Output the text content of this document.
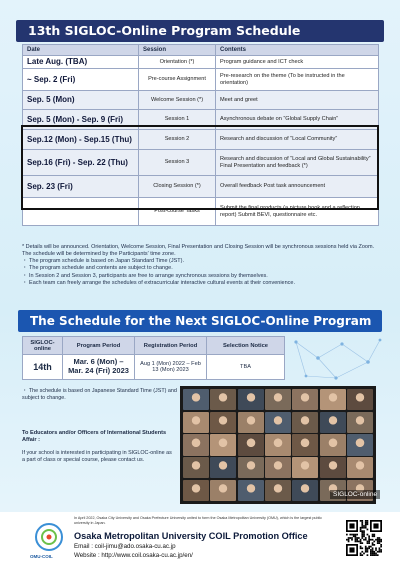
13th SIGLOC-Online Program Schedule
Date	Session	Contents
Late Aug. (TBA)	Orientation (*)	Program guidance and ICT check
~ Sep. 2 (Fri)	Pre-course Assignment	Pre-research on the theme (To be instructed in the orientation)
Sep. 5 (Mon)	Welcome Session (*)	Meet and greet
Sep. 5 (Mon) - Sep. 9 (Fri)	Session 1	Asynchronous debate on “Global Supply Chain”
Sep.12 (Mon) - Sep.15 (Thu)	Session 2	Research and discussion of “Local Community”
Sep.16 (Fri) - Sep. 22 (Thu)	Session 3	Research and discussion of “Local and Global Sustainability” Final Presentation and feedback (*)
Sep. 23 (Fri)	Closing Session (*)	Overall feedback Post task announcement
	Post-course Tasks	Submit the final products (a picture book and a reflection report) Submit BEVI, questionnaire etc.

* Details will be announced. Orientation, Welcome Session, Final Presentation and Closing Session will be synchronous sessions held via Zoom. The schedule will be determined by the Participants' time zone.

・ The program schedule is based on Japan Standard Time (JST).

・ The program schedule and contents are subject to change.

・ In Session 2 and Session 3, participants are free to arrange synchronous sessions by themselves.

・ Each team can freely arrange the schedules of extracurricular interactive cultural events at their convenience.

The Schedule for the Next SIGLOC-Online Program
SIGLOC-online	Program Period	Registration Period	Selection Notice
14th	Mar. 6 (Mon) – Mar. 24 (Fri) 2023	Aug 1 (Mon) 2022 – Feb 13 (Mon) 2023	TBA
・ The schedule is based on Japanese Standard Time (JST) and subject to change.
To Educators and/or Officers of International Students Affair :
If your school is interested in participating in SIGLOC-online as a part of class or special course, please contact us.
SIGLOC-online
OMU-COIL
In April 2022, Osaka City University and Osaka Prefecture University united to form the Osaka Metropolitan University (OMU), which is the largest public university in Japan.
Osaka Metropolitan University COIL Promotion Office
Email : coil-jimu@ado.osaka-cu.ac.jp
Website : http://www.coil.osaka-cu.ac.jp/en/
